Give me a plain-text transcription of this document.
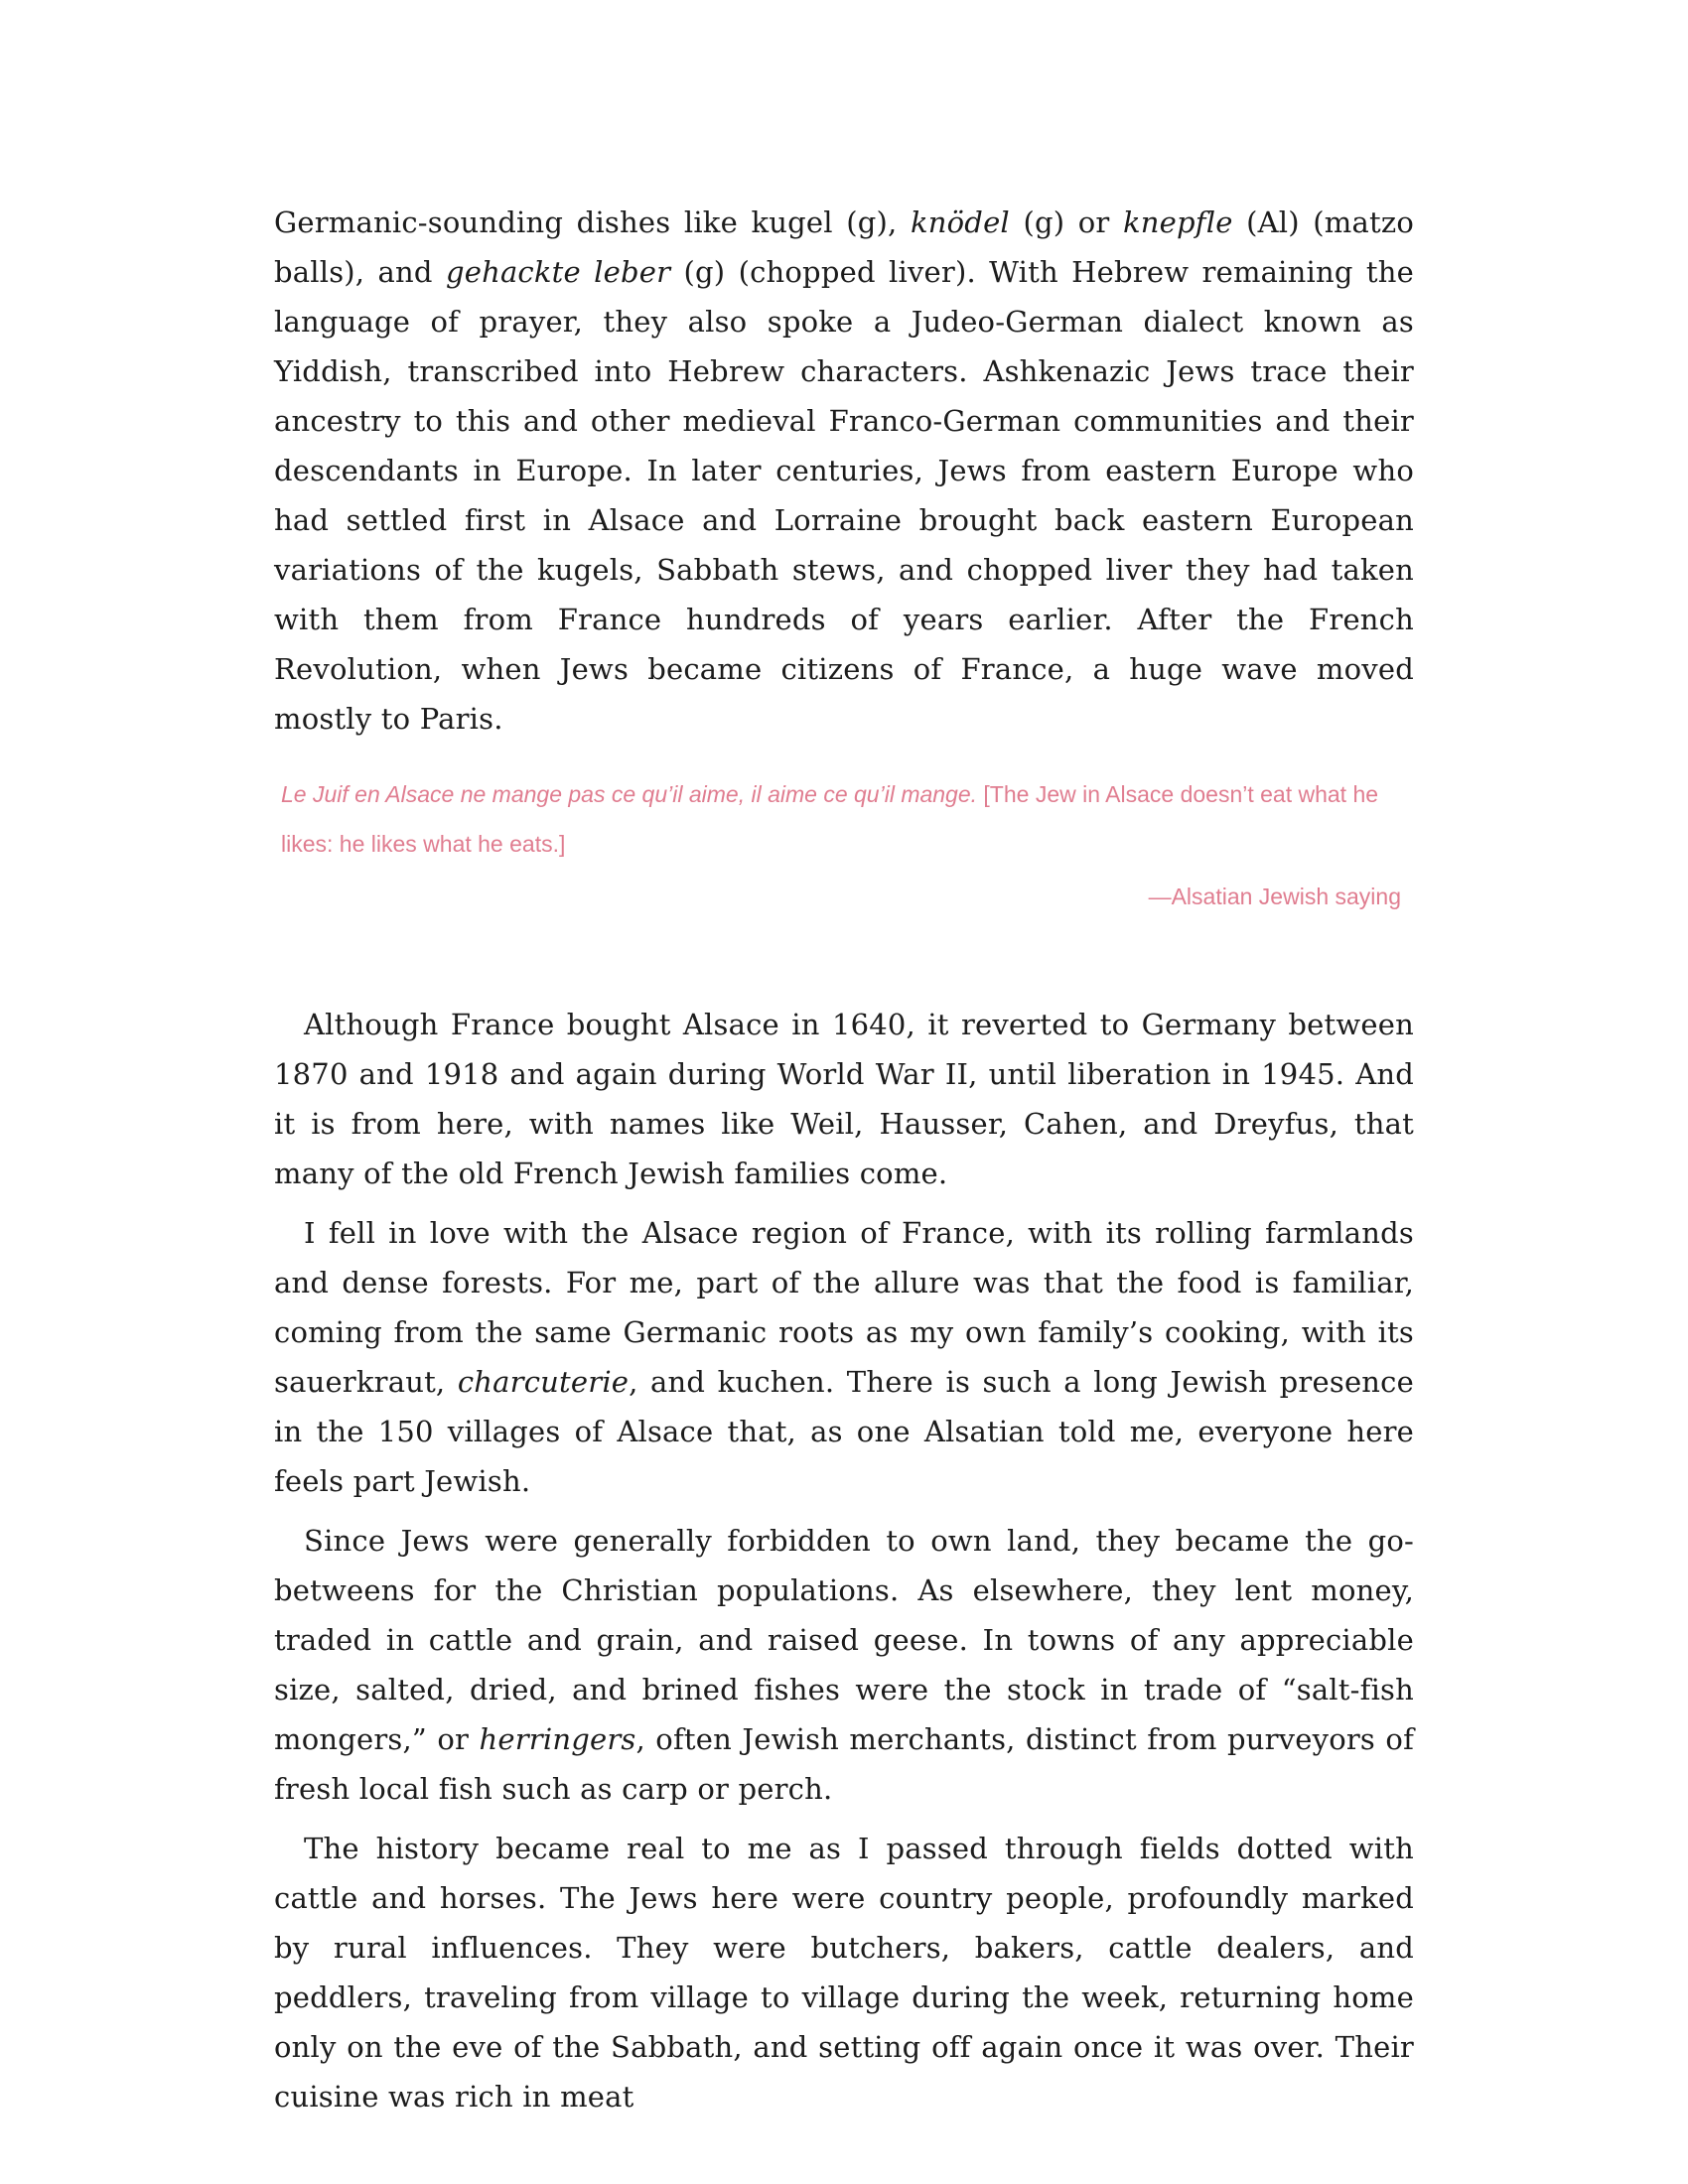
Germanic-sounding dishes like kugel (g), knödel (g) or knepfle (Al) (matzo balls), and gehackte leber (g) (chopped liver). With Hebrew remaining the language of prayer, they also spoke a Judeo-German dialect known as Yiddish, transcribed into Hebrew characters. Ashkenazic Jews trace their ancestry to this and other medieval Franco-German communities and their descendants in Europe. In later centuries, Jews from eastern Europe who had settled first in Alsace and Lorraine brought back eastern European variations of the kugels, Sabbath stews, and chopped liver they had taken with them from France hundreds of years earlier. After the French Revolution, when Jews became citizens of France, a huge wave moved mostly to Paris.

Le Juif en Alsace ne mange pas ce qu’il aime, il aime ce qu’il mange. [The Jew in Alsace doesn’t eat what he likes: he likes what he eats.]

—Alsatian Jewish saying

Although France bought Alsace in 1640, it reverted to Germany between 1870 and 1918 and again during World War II, until liberation in 1945. And it is from here, with names like Weil, Hausser, Cahen, and Dreyfus, that many of the old French Jewish families come.

I fell in love with the Alsace region of France, with its rolling farmlands and dense forests. For me, part of the allure was that the food is familiar, coming from the same Germanic roots as my own family’s cooking, with its sauerkraut, charcuterie, and kuchen. There is such a long Jewish presence in the 150 villages of Alsace that, as one Alsatian told me, everyone here feels part Jewish.

Since Jews were generally forbidden to own land, they became the go-betweens for the Christian populations. As elsewhere, they lent money, traded in cattle and grain, and raised geese. In towns of any appreciable size, salted, dried, and brined fishes were the stock in trade of “salt-fish mongers,” or herringers, often Jewish merchants, distinct from purveyors of fresh local fish such as carp or perch.

The history became real to me as I passed through fields dotted with cattle and horses. The Jews here were country people, profoundly marked by rural influences. They were butchers, bakers, cattle dealers, and peddlers, traveling from village to village during the week, returning home only on the eve of the Sabbath, and setting off again once it was over. Their cuisine was rich in meat
